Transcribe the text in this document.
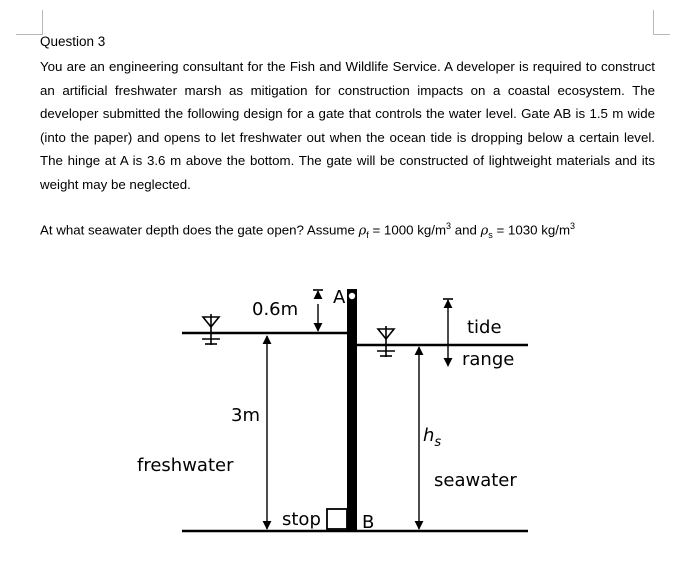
Question 3

You are an engineering consultant for the Fish and Wildlife Service. A developer is required to construct an artificial freshwater marsh as mitigation for construction impacts on a coastal ecosystem. The developer submitted the following design for a gate that controls the water level. Gate AB is 1.5 m wide (into the paper) and opens to let freshwater out when the ocean tide is dropping below a certain level. The hinge at A is 3.6 m above the bottom. The gate will be constructed of lightweight materials and its weight may be neglected.

At what seawater depth does the gate open? Assume $\rho_f = 1000$ $kg/m^3$ and $\rho_s = 1030$ $kg/m^3$
0.6m
A
tide
range
3m
freshwater
$h_s$
seawater
stop B
